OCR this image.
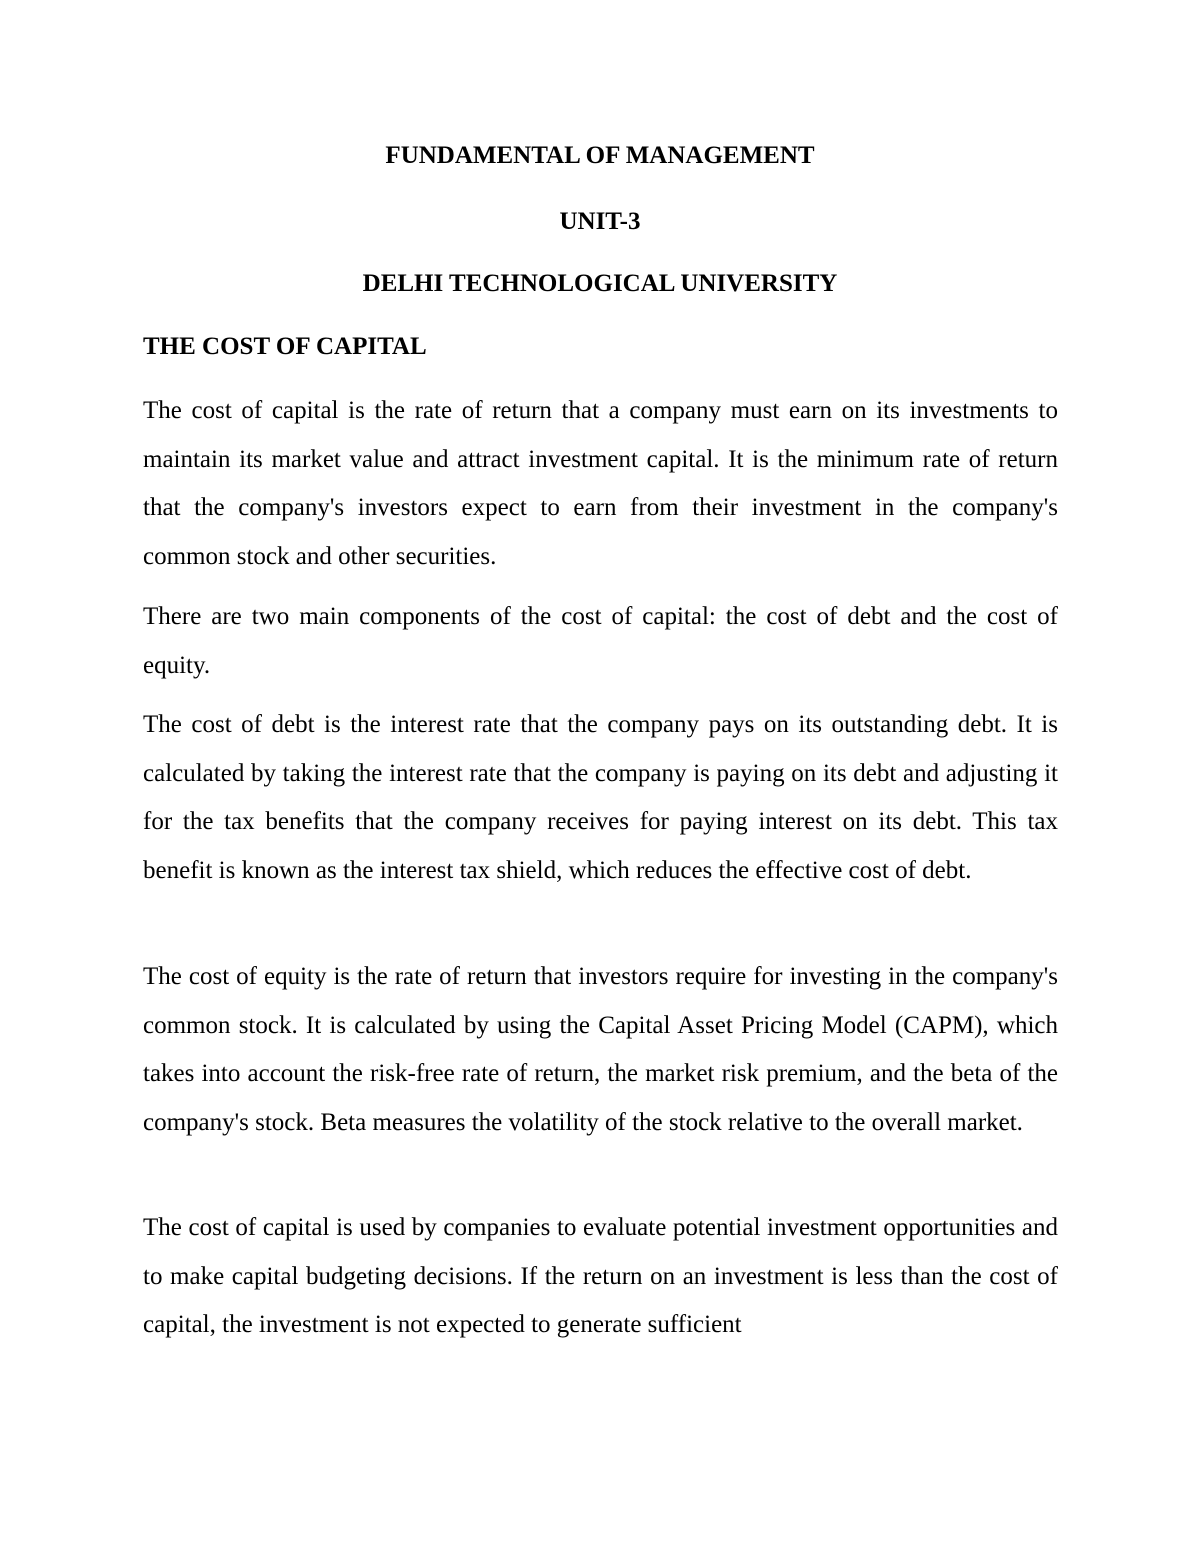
FUNDAMENTAL OF MANAGEMENT

UNIT-3

DELHI TECHNOLOGICAL UNIVERSITY

THE COST OF CAPITAL

The cost of capital is the rate of return that a company must earn on its investments to maintain its market value and attract investment capital. It is the minimum rate of return that the company's investors expect to earn from their investment in the company's common stock and other securities.

There are two main components of the cost of capital: the cost of debt and the cost of equity.

The cost of debt is the interest rate that the company pays on its outstanding debt. It is calculated by taking the interest rate that the company is paying on its debt and adjusting it for the tax benefits that the company receives for paying interest on its debt. This tax benefit is known as the interest tax shield, which reduces the effective cost of debt.

The cost of equity is the rate of return that investors require for investing in the company's common stock. It is calculated by using the Capital Asset Pricing Model (CAPM), which takes into account the risk-free rate of return, the market risk premium, and the beta of the company's stock. Beta measures the volatility of the stock relative to the overall market.

The cost of capital is used by companies to evaluate potential investment opportunities and to make capital budgeting decisions. If the return on an investment is less than the cost of capital, the investment is not expected to generate sufficient
